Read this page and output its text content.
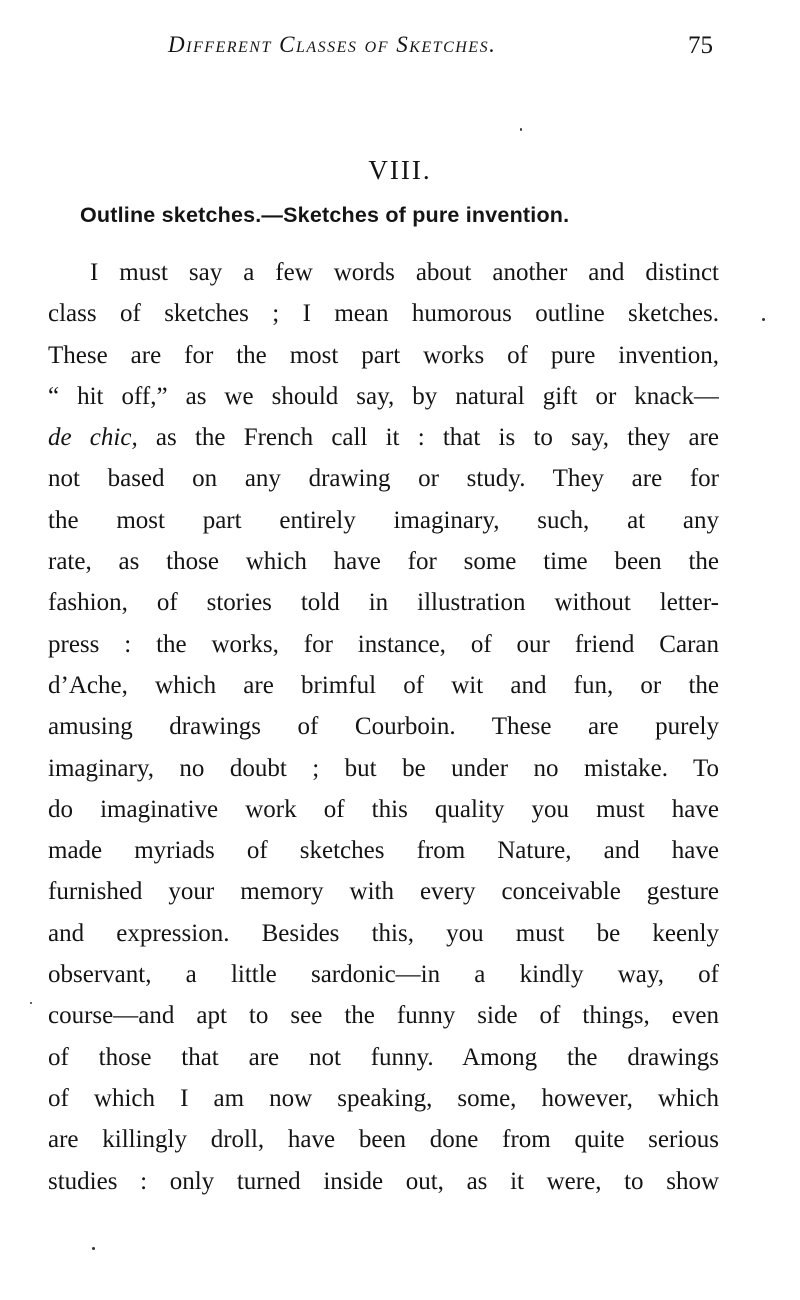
Different Classes of Sketches.	75
VIII.
Outline sketches.—Sketches of pure invention.
I must say a few words about another and distinct
class of sketches ; I mean humorous outline sketches.
These are for the most part works of pure invention,
“ hit off,” as we should say, by natural gift or knack—
de chic, as the French call it : that is to say, they are
not based on any drawing or study. They are for
the most part entirely imaginary, such, at any
rate, as those which have for some time been the
fashion, of stories told in illustration without letter-
press : the works, for instance, of our friend Caran
d’Ache, which are brimful of wit and fun, or the
amusing drawings of Courboin. These are purely
imaginary, no doubt ; but be under no mistake. To
do imaginative work of this quality you must have
made myriads of sketches from Nature, and have
furnished your memory with every conceivable gesture
and expression. Besides this, you must be keenly
observant, a little sardonic—in a kindly way, of
course—and apt to see the funny side of things, even
of those that are not funny. Among the drawings
of which I am now speaking, some, however, which
are killingly droll, have been done from quite serious
studies : only turned inside out, as it were, to show
